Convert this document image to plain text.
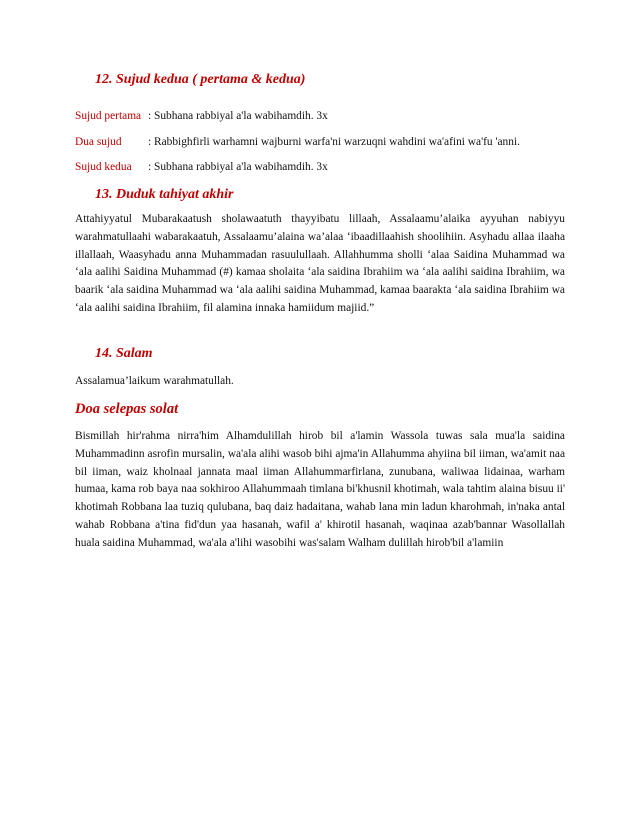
12. Sujud kedua ( pertama & kedua)
Sujud pertama : Subhana rabbiyal a'la wabihamdih. 3x
Dua sujud : Rabbighfirli warhamni wajburni warfa'ni warzuqni wahdini wa'afini wa'fu 'anni.
Sujud kedua : Subhana rabbiyal a'la wabihamdih. 3x
13. Duduk tahiyat akhir
Attahiyyatul Mubarakaatush sholawaatuth thayyibatu lillaah, Assalaamu’alaika ayyuhan nabiyyu warahmatullaahi wabarakaatuh, Assalaamu’alaina wa’alaa ‘ibaadillaahish shoolihiin. Asyhadu allaa ilaaha illallaah, Waasyhadu anna Muhammadan rasuulullaah. Allahhumma sholli ‘alaa Saidina Muhammad wa ‘ala aalihi Saidina Muhammad (#) kamaa sholaita ‘ala saidina Ibrahiim wa ‘ala aalihi saidina Ibrahiim, wa baarik ‘ala saidina Muhammad wa ‘ala aalihi saidina Muhammad, kamaa baarakta ‘ala saidina Ibrahiim wa ‘ala aalihi saidina Ibrahiim, fil alamina innaka hamiidum majiid.”
14. Salam
Assalamua’laikum warahmatullah.
Doa selepas solat
Bismillah hir'rahma nirra'him Alhamdulillah hirob bil a'lamin Wassola tuwas sala mua'la saidina Muhammadinn asrofin mursalin, wa'ala alihi wasob bihi ajma'in Allahumma ahyiina bil iiman, wa'amit naa bil iiman, waiz kholnaal jannata maal iiman Allahummarfirlana, zunubana, waliwaa lidainaa, warham humaa, kama rob baya naa sokhiroo Allahummaah timlana bi'khusnil khotimah, wala tahtim alaina bisuu ii' khotimah Robbana laa tuziq qulubana, baq daiz hadaitana, wahab lana min ladun kharohmah, in'naka antal wahab Robbana a'tina fid'dun yaa hasanah, wafil a' khirotil hasanah, waqinaa azab'bannar Wasollallah huala saidina Muhammad, wa'ala a'lihi wasobihi was'salam Walham dulillah hirob'bil a'lamiin
